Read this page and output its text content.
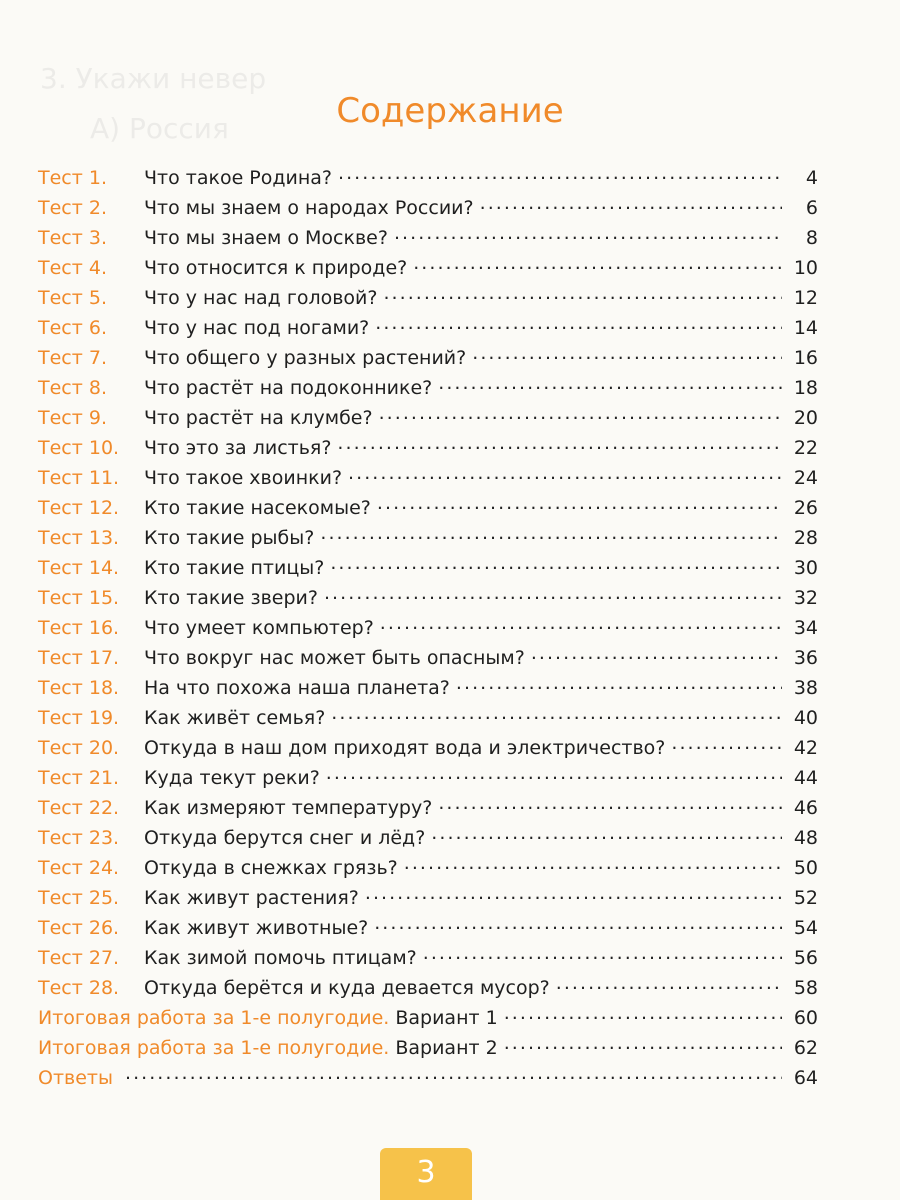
3. Укажи невер
А) Россия	Содержание
Тест 1.	Что такое Родина? . . .	4
Тест 2.	Что мы знаем о народах России? . . .	6
Тест 3.	Что мы знаем о Москве? . . .	8
Тест 4.	Что относится к природе? . . .	10
Тест 5.	Что у нас над головой? . . .	12
Тест 6.	Что у нас под ногами? . . .	14
Тест 7.	Что общего у разных растений? . . .	16
Тест 8.	Что растёт на подоконнике? . . .	18
Тест 9.	Что растёт на клумбе? . . .	20
Тест 10.	Что это за листья? . . .	22
Тест 11.	Что такое хвоинки? . . .	24
Тест 12.	Кто такие насекомые? . . .	26
Тест 13.	Кто такие рыбы? . . .	28
Тест 14.	Кто такие птицы? . . .	30
Тест 15.	Кто такие звери? . . .	32
Тест 16.	Что умеет компьютер? . . .	34
Тест 17.	Что вокруг нас может быть опасным? . . .	36
Тест 18.	На что похожа наша планета? . . .	38
Тест 19.	Как живёт семья? . . .	40
Тест 20.	Откуда в наш дом приходят вода и электричество? . . .	42
Тест 21.	Куда текут реки? . . .	44
Тест 22.	Как измеряют температуру? . . .	46
Тест 23.	Откуда берутся снег и лёд? . . .	48
Тест 24.	Откуда в снежках грязь? . . .	50
Тест 25.	Как живут растения? . . .	52
Тест 26.	Как живут животные? . . .	54
Тест 27.	Как зимой помочь птицам? . . .	56
Тест 28.	Откуда берётся и куда девается мусор? . . .	58
Итоговая работа за 1-е полугодие. Вариант 1 . . .	60
Итоговая работа за 1-е полугодие. Вариант 2 . . .	62
Ответы . . .	64
3
